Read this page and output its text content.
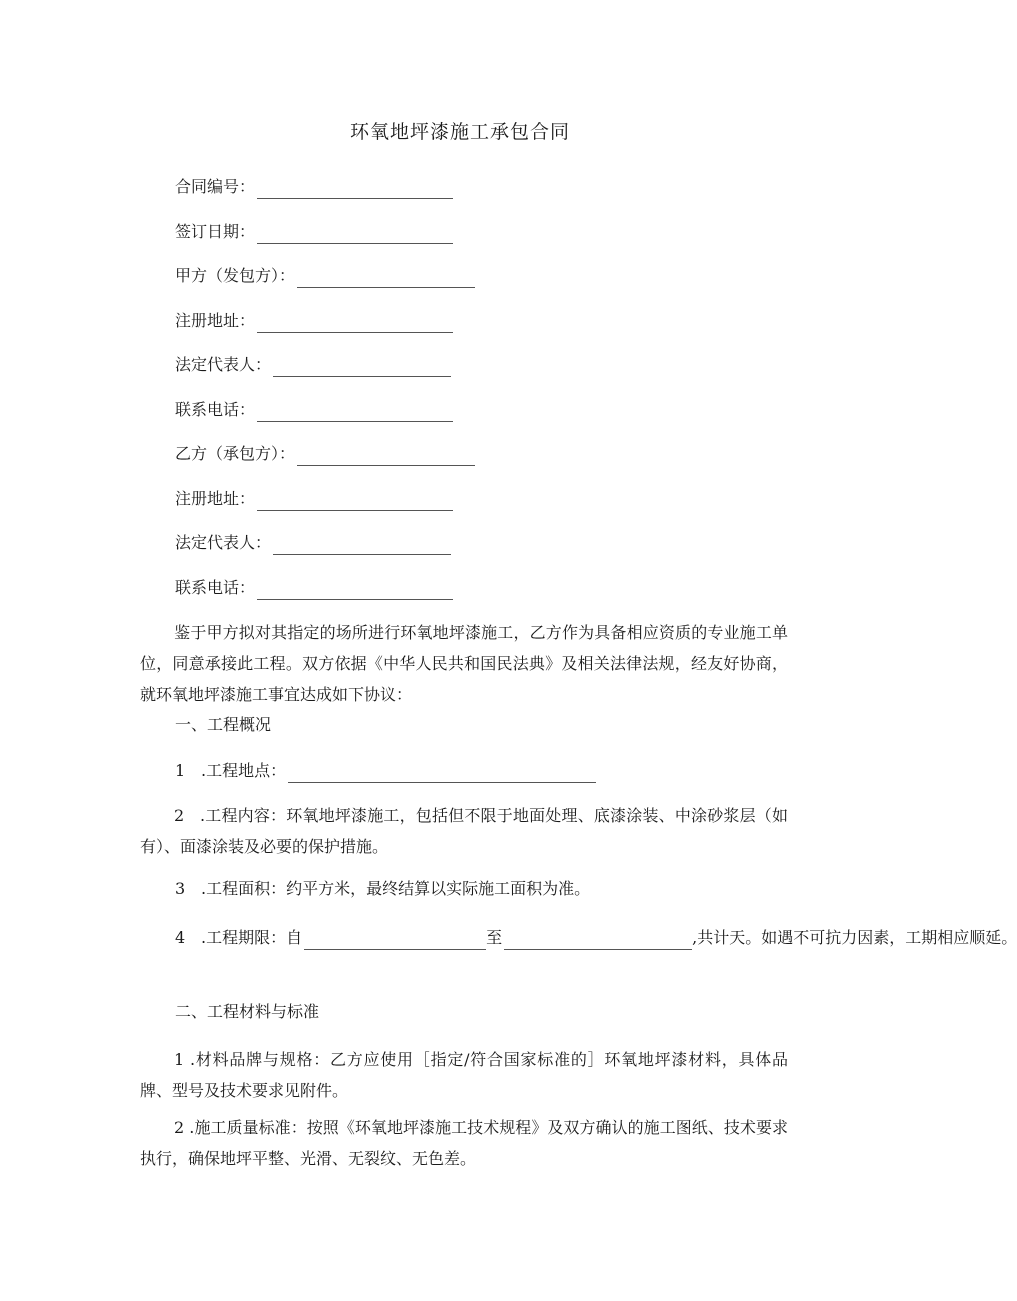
环氧地坪漆施工承包合同
合同编号：
签订日期：
甲方（发包方）：
注册地址：
法定代表人：
联系电话：
乙方（承包方）：
注册地址：
法定代表人：
联系电话：
鉴于甲方拟对其指定的场所进行环氧地坪漆施工，乙方作为具备相应资质的专业施工单位，同意承接此工程。双方依据《中华人民共和国民法典》及相关法律法规，经友好协商，就环氧地坪漆施工事宜达成如下协议：
一、工程概况
1 .工程地点：
2 .工程内容：环氧地坪漆施工，包括但不限于地面处理、底漆涂装、中涂砂浆层（如有）、面漆涂装及必要的保护措施。
3 .工程面积：约平方米，最终结算以实际施工面积为准。
4 .工程期限：自	至	,共计天。如遇不可抗力因素，工期相应顺延。
二、工程材料与标准
1 .材料品牌与规格：乙方应使用［指定/符合国家标准的］环氧地坪漆材料，具体品牌、型号及技术要求见附件。
2 .施工质量标准：按照《环氧地坪漆施工技术规程》及双方确认的施工图纸、技术要求执行，确保地坪平整、光滑、无裂纹、无色差。
